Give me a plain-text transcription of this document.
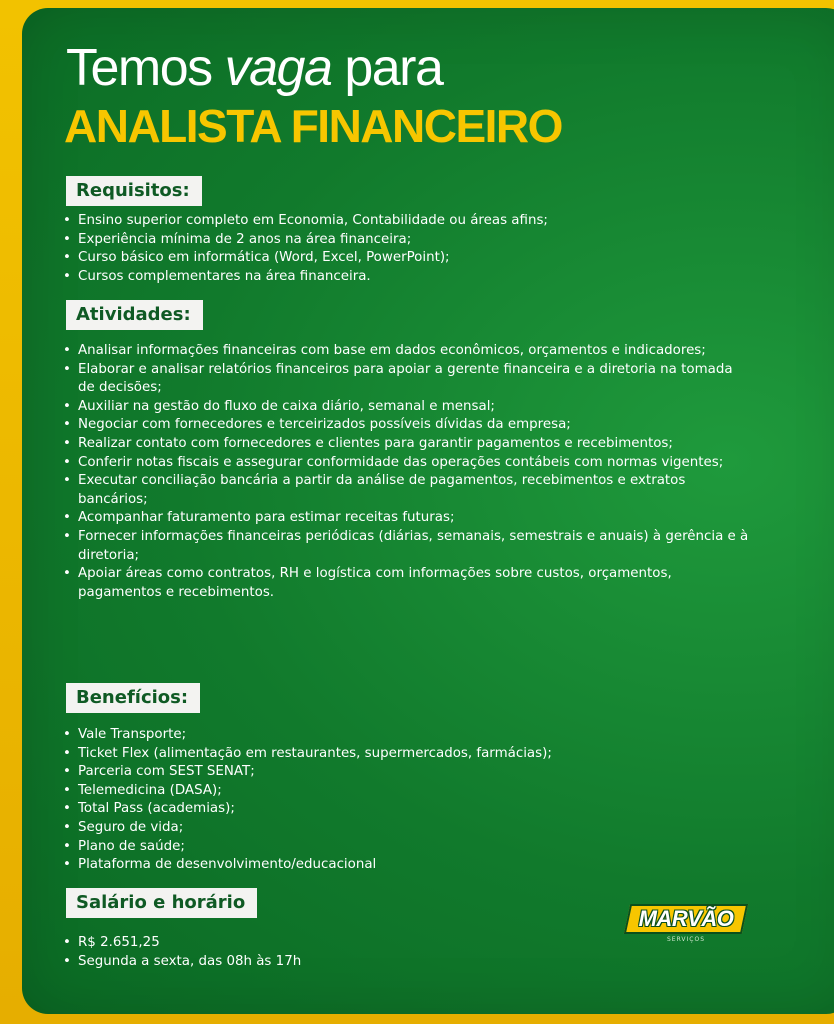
Temos vaga para
ANALISTA FINANCEIRO
Requisitos:
• Ensino superior completo em Economia, Contabilidade ou áreas afins;
• Experiência mínima de 2 anos na área financeira;
• Curso básico em informática (Word, Excel, PowerPoint);
• Cursos complementares na área financeira.
Atividades:
• Analisar informações financeiras com base em dados econômicos, orçamentos e indicadores;
• Elaborar e analisar relatórios financeiros para apoiar a gerente financeira e a diretoria na tomada de decisões;
• Auxiliar na gestão do fluxo de caixa diário, semanal e mensal;
• Negociar com fornecedores e terceirizados possíveis dívidas da empresa;
• Realizar contato com fornecedores e clientes para garantir pagamentos e recebimentos;
• Conferir notas fiscais e assegurar conformidade das operações contábeis com normas vigentes;
• Executar conciliação bancária a partir da análise de pagamentos, recebimentos e extratos bancários;
• Acompanhar faturamento para estimar receitas futuras;
• Fornecer informações financeiras periódicas (diárias, semanais, semestrais e anuais) à gerência e à diretoria;
• Apoiar áreas como contratos, RH e logística com informações sobre custos, orçamentos, pagamentos e recebimentos.
Benefícios:
• Vale Transporte;
• Ticket Flex (alimentação em restaurantes, supermercados, farmácias);
• Parceria com SEST SENAT;
• Telemedicina (DASA);
• Total Pass (academias);
• Seguro de vida;
• Plano de saúde;
• Plataforma de desenvolvimento/educacional
Salário e horário
• R$ 2.651,25
• Segunda a sexta, das 08h às 17h
MARVÃO
SERVIÇOS
